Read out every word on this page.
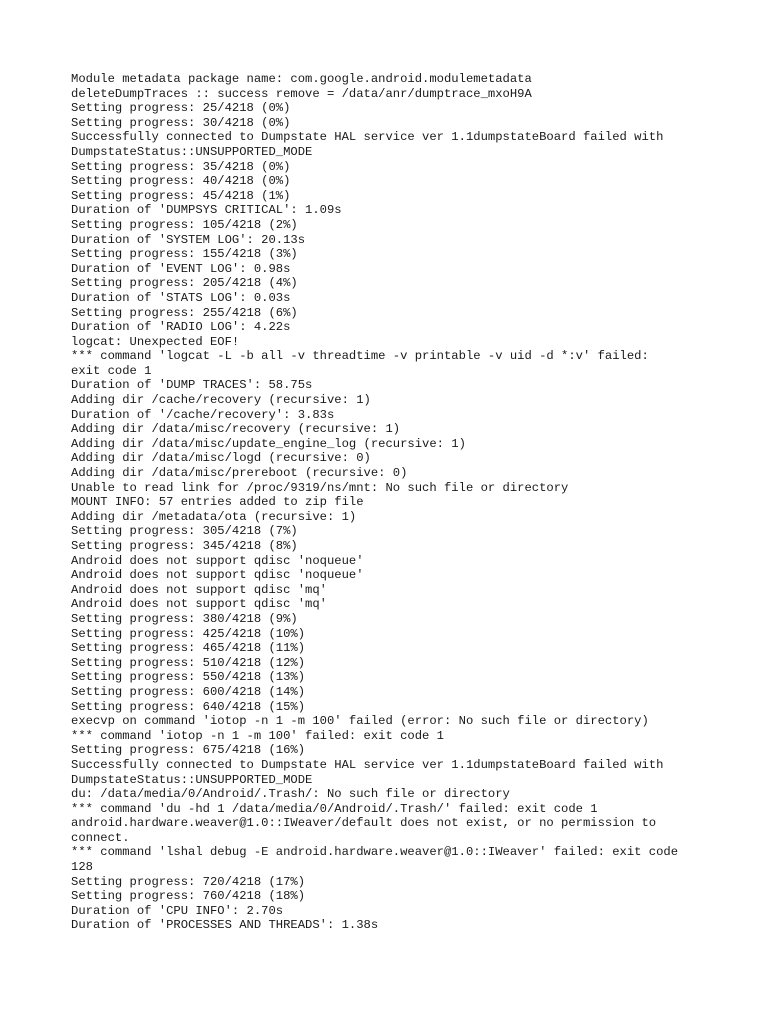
Module metadata package name: com.google.android.modulemetadata
deleteDumpTraces :: success remove = /data/anr/dumptrace_mxoH9A
Setting progress: 25/4218 (0%)
Setting progress: 30/4218 (0%)
Successfully connected to Dumpstate HAL service ver 1.1dumpstateBoard failed with
DumpstateStatus::UNSUPPORTED_MODE
Setting progress: 35/4218 (0%)
Setting progress: 40/4218 (0%)
Setting progress: 45/4218 (1%)
Duration of 'DUMPSYS CRITICAL': 1.09s
Setting progress: 105/4218 (2%)
Duration of 'SYSTEM LOG': 20.13s
Setting progress: 155/4218 (3%)
Duration of 'EVENT LOG': 0.98s
Setting progress: 205/4218 (4%)
Duration of 'STATS LOG': 0.03s
Setting progress: 255/4218 (6%)
Duration of 'RADIO LOG': 4.22s
logcat: Unexpected EOF!
*** command 'logcat -L -b all -v threadtime -v printable -v uid -d *:v' failed:
exit code 1
Duration of 'DUMP TRACES': 58.75s
Adding dir /cache/recovery (recursive: 1)
Duration of '/cache/recovery': 3.83s
Adding dir /data/misc/recovery (recursive: 1)
Adding dir /data/misc/update_engine_log (recursive: 1)
Adding dir /data/misc/logd (recursive: 0)
Adding dir /data/misc/prereboot (recursive: 0)
Unable to read link for /proc/9319/ns/mnt: No such file or directory
MOUNT INFO: 57 entries added to zip file
Adding dir /metadata/ota (recursive: 1)
Setting progress: 305/4218 (7%)
Setting progress: 345/4218 (8%)
Android does not support qdisc 'noqueue'
Android does not support qdisc 'noqueue'
Android does not support qdisc 'mq'
Android does not support qdisc 'mq'
Setting progress: 380/4218 (9%)
Setting progress: 425/4218 (10%)
Setting progress: 465/4218 (11%)
Setting progress: 510/4218 (12%)
Setting progress: 550/4218 (13%)
Setting progress: 600/4218 (14%)
Setting progress: 640/4218 (15%)
execvp on command 'iotop -n 1 -m 100' failed (error: No such file or directory)
*** command 'iotop -n 1 -m 100' failed: exit code 1
Setting progress: 675/4218 (16%)
Successfully connected to Dumpstate HAL service ver 1.1dumpstateBoard failed with
DumpstateStatus::UNSUPPORTED_MODE
du: /data/media/0/Android/.Trash/: No such file or directory
*** command 'du -hd 1 /data/media/0/Android/.Trash/' failed: exit code 1
android.hardware.weaver@1.0::IWeaver/default does not exist, or no permission to
connect.
*** command 'lshal debug -E android.hardware.weaver@1.0::IWeaver' failed: exit code
128
Setting progress: 720/4218 (17%)
Setting progress: 760/4218 (18%)
Duration of 'CPU INFO': 2.70s
Duration of 'PROCESSES AND THREADS': 1.38s
